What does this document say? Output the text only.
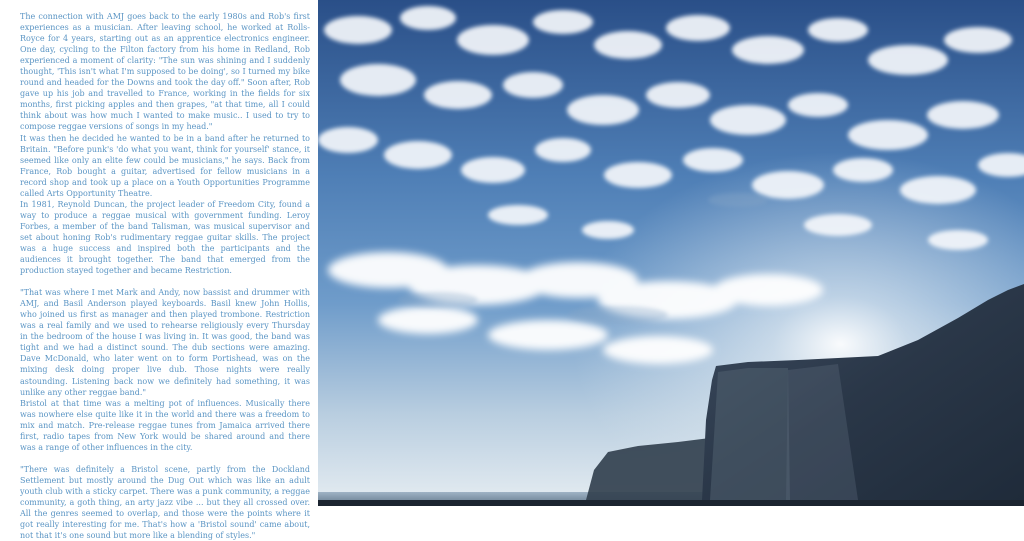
The connection with AMJ goes back to the early 1980s and Rob's first experiences as a musician. After leaving school, he worked at Rolls-Royce for 4 years, starting out as an apprentice electronics engineer. One day, cycling to the Filton factory from his home in Redland, Rob experienced a moment of clarity: "The sun was shining and I suddenly thought, 'This isn't what I'm supposed to be doing', so I turned my bike round and headed for the Downs and took the day off." Soon after, Rob gave up his job and travelled to France, working in the fields for six months, first picking apples and then grapes, "at that time, all I could think about was how much I wanted to make music.. I used to try to compose reggae versions of songs in my head."

It was then he decided he wanted to be in a band after he returned to Britain. "Before punk's 'do what you want, think for yourself' stance, it seemed like only an elite few could be musicians," he says. Back from France, Rob bought a guitar, advertised for fellow musicians in a record shop and took up a place on a Youth Opportunities Programme called Arts Opportunity Theatre.

In 1981, Reynold Duncan, the project leader of Freedom City, found a way to produce a reggae musical with government funding. Leroy Forbes, a member of the band Talisman, was musical supervisor and set about honing Rob's rudimentary reggae guitar skills. The project was a huge success and inspired both the participants and the audiences it brought together. The band that emerged from the production stayed together and became Restriction.

"That was where I met Mark and Andy, now bassist and drummer with AMJ, and Basil Anderson played keyboards. Basil knew John Hollis, who joined us first as manager and then played trombone. Restriction was a real family and we used to rehearse religiously every Thursday in the bedroom of the house I was living in. It was good, the band was tight and we had a distinct sound. The dub sections were amazing. Dave McDonald, who later went on to form Portishead, was on the mixing desk doing proper live dub. Those nights were really astounding. Listening back now we definitely had something, it was unlike any other reggae band."

Bristol at that time was a melting pot of influences. Musically there was nowhere else quite like it in the world and there was a freedom to mix and match. Pre-release reggae tunes from Jamaica arrived there first, radio tapes from New York would be shared around and there was a range of other influences in the city.

"There was definitely a Bristol scene, partly from the Dockland Settlement but mostly around the Dug Out which was like an adult youth club with a sticky carpet. There was a punk community, a reggae community, a goth thing, an arty jazz vibe ... but they all crossed over. All the genres seemed to overlap, and those were the points where it got really interesting for me. That's how a 'Bristol sound' came about, not that it's one sound but more like a blending of styles."
